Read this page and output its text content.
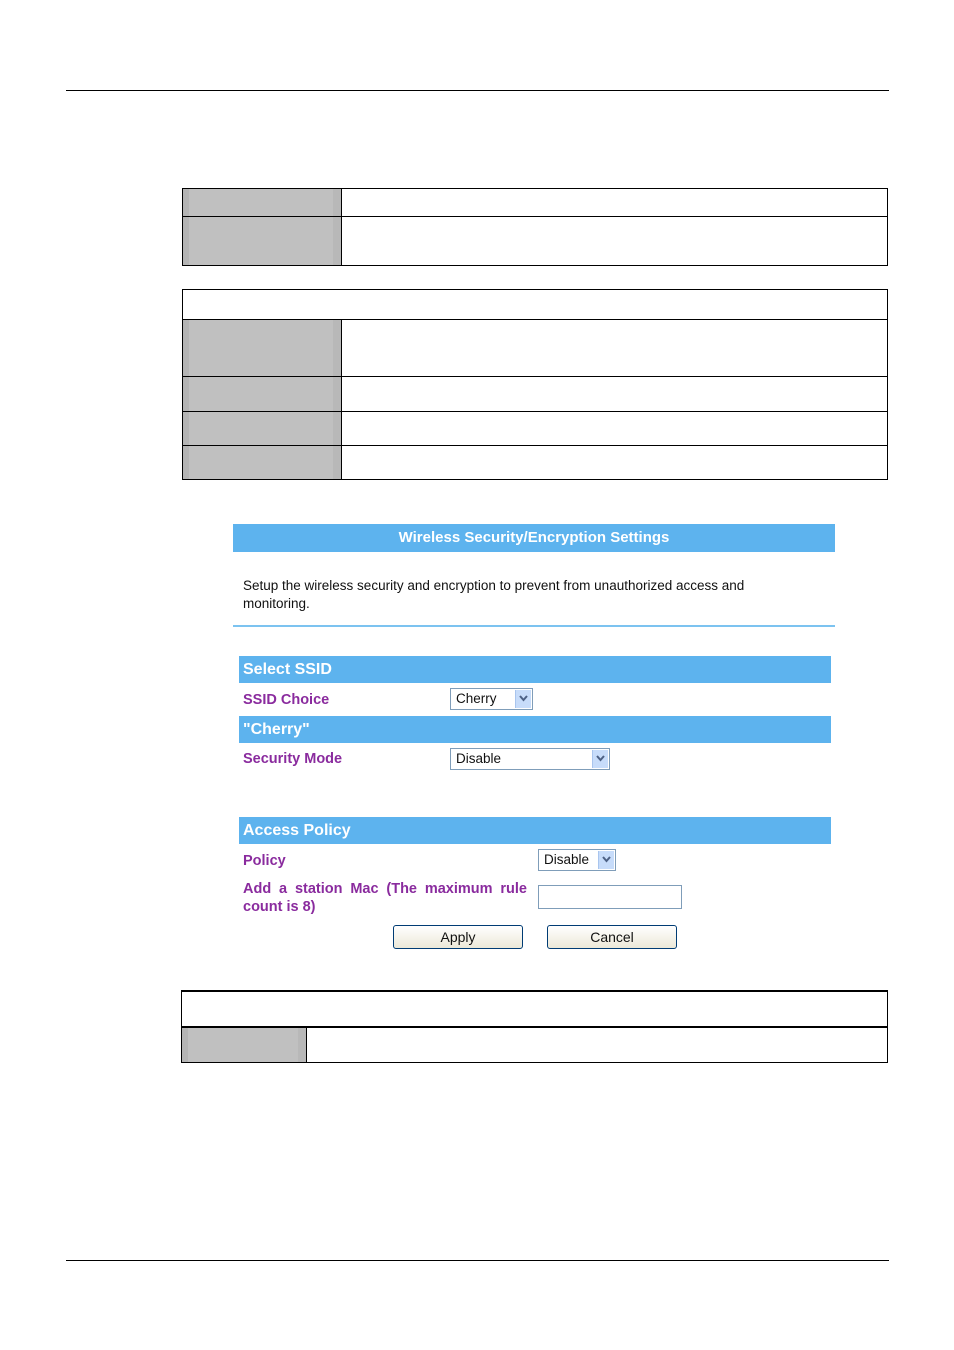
Wireless Security/Encryption Settings
Setup the wireless security and encryption to prevent from unauthorized access and monitoring.
Select SSID
SSID Choice	Cherry
"Cherry"
Security Mode	Disable
Access Policy
Policy	Disable
Add a station Mac (The maximum rule count is 8)
Apply	Cancel
